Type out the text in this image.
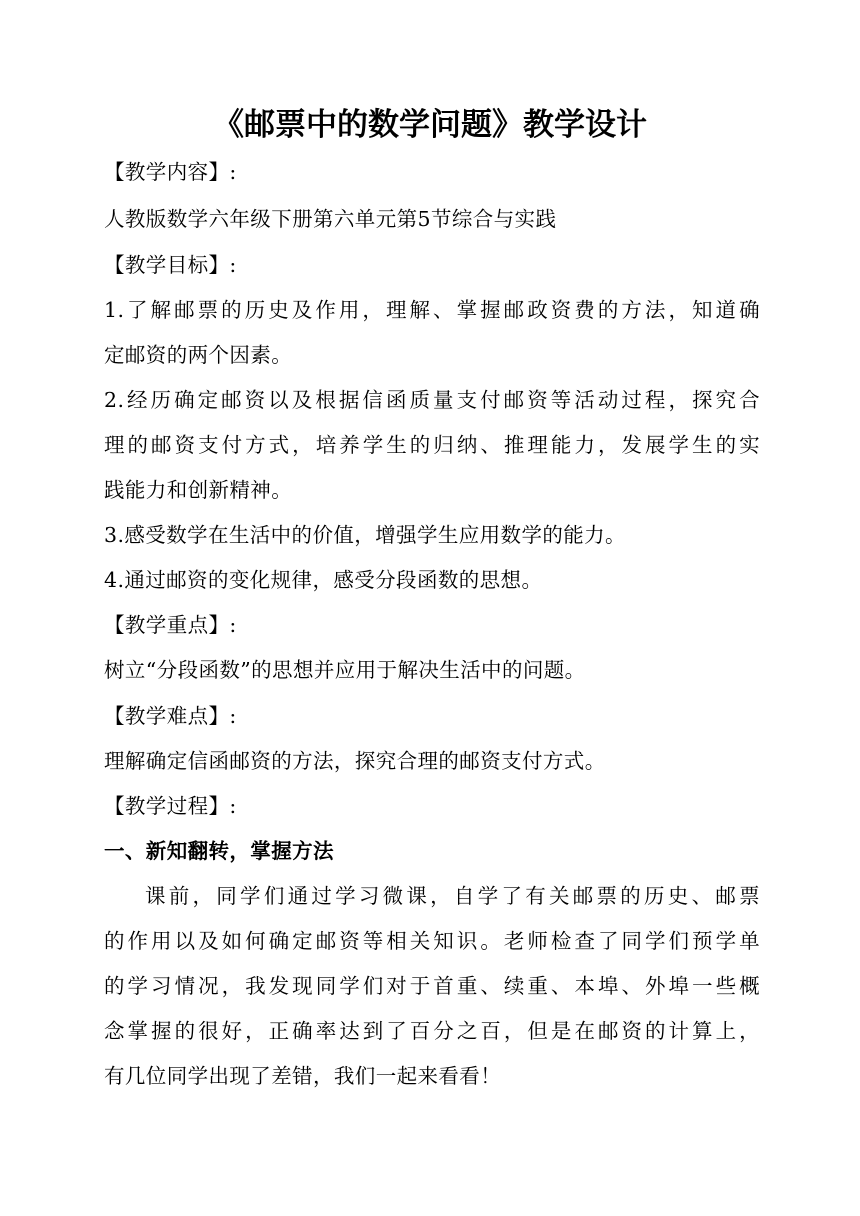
《邮票中的数学问题》教学设计
【教学内容】:
人教版数学六年级下册第六单元第5节综合与实践
【教学目标】:
1.了解邮票的历史及作用，理解、掌握邮政资费的方法，知道确
定邮资的两个因素。
2.经历确定邮资以及根据信函质量支付邮资等活动过程，探究合
理的邮资支付方式，培养学生的归纳、推理能力，发展学生的实
践能力和创新精神。
3.感受数学在生活中的价值，增强学生应用数学的能力。
4.通过邮资的变化规律，感受分段函数的思想。
【教学重点】:
树立“分段函数”的思想并应用于解决生活中的问题。
【教学难点】:
理解确定信函邮资的方法，探究合理的邮资支付方式。
【教学过程】:
一、新知翻转，掌握方法
课前，同学们通过学习微课，自学了有关邮票的历史、邮票
的作用以及如何确定邮资等相关知识。老师检查了同学们预学单
的学习情况，我发现同学们对于首重、续重、本埠、外埠一些概
念掌握的很好，正确率达到了百分之百，但是在邮资的计算上，
有几位同学出现了差错，我们一起来看看！
